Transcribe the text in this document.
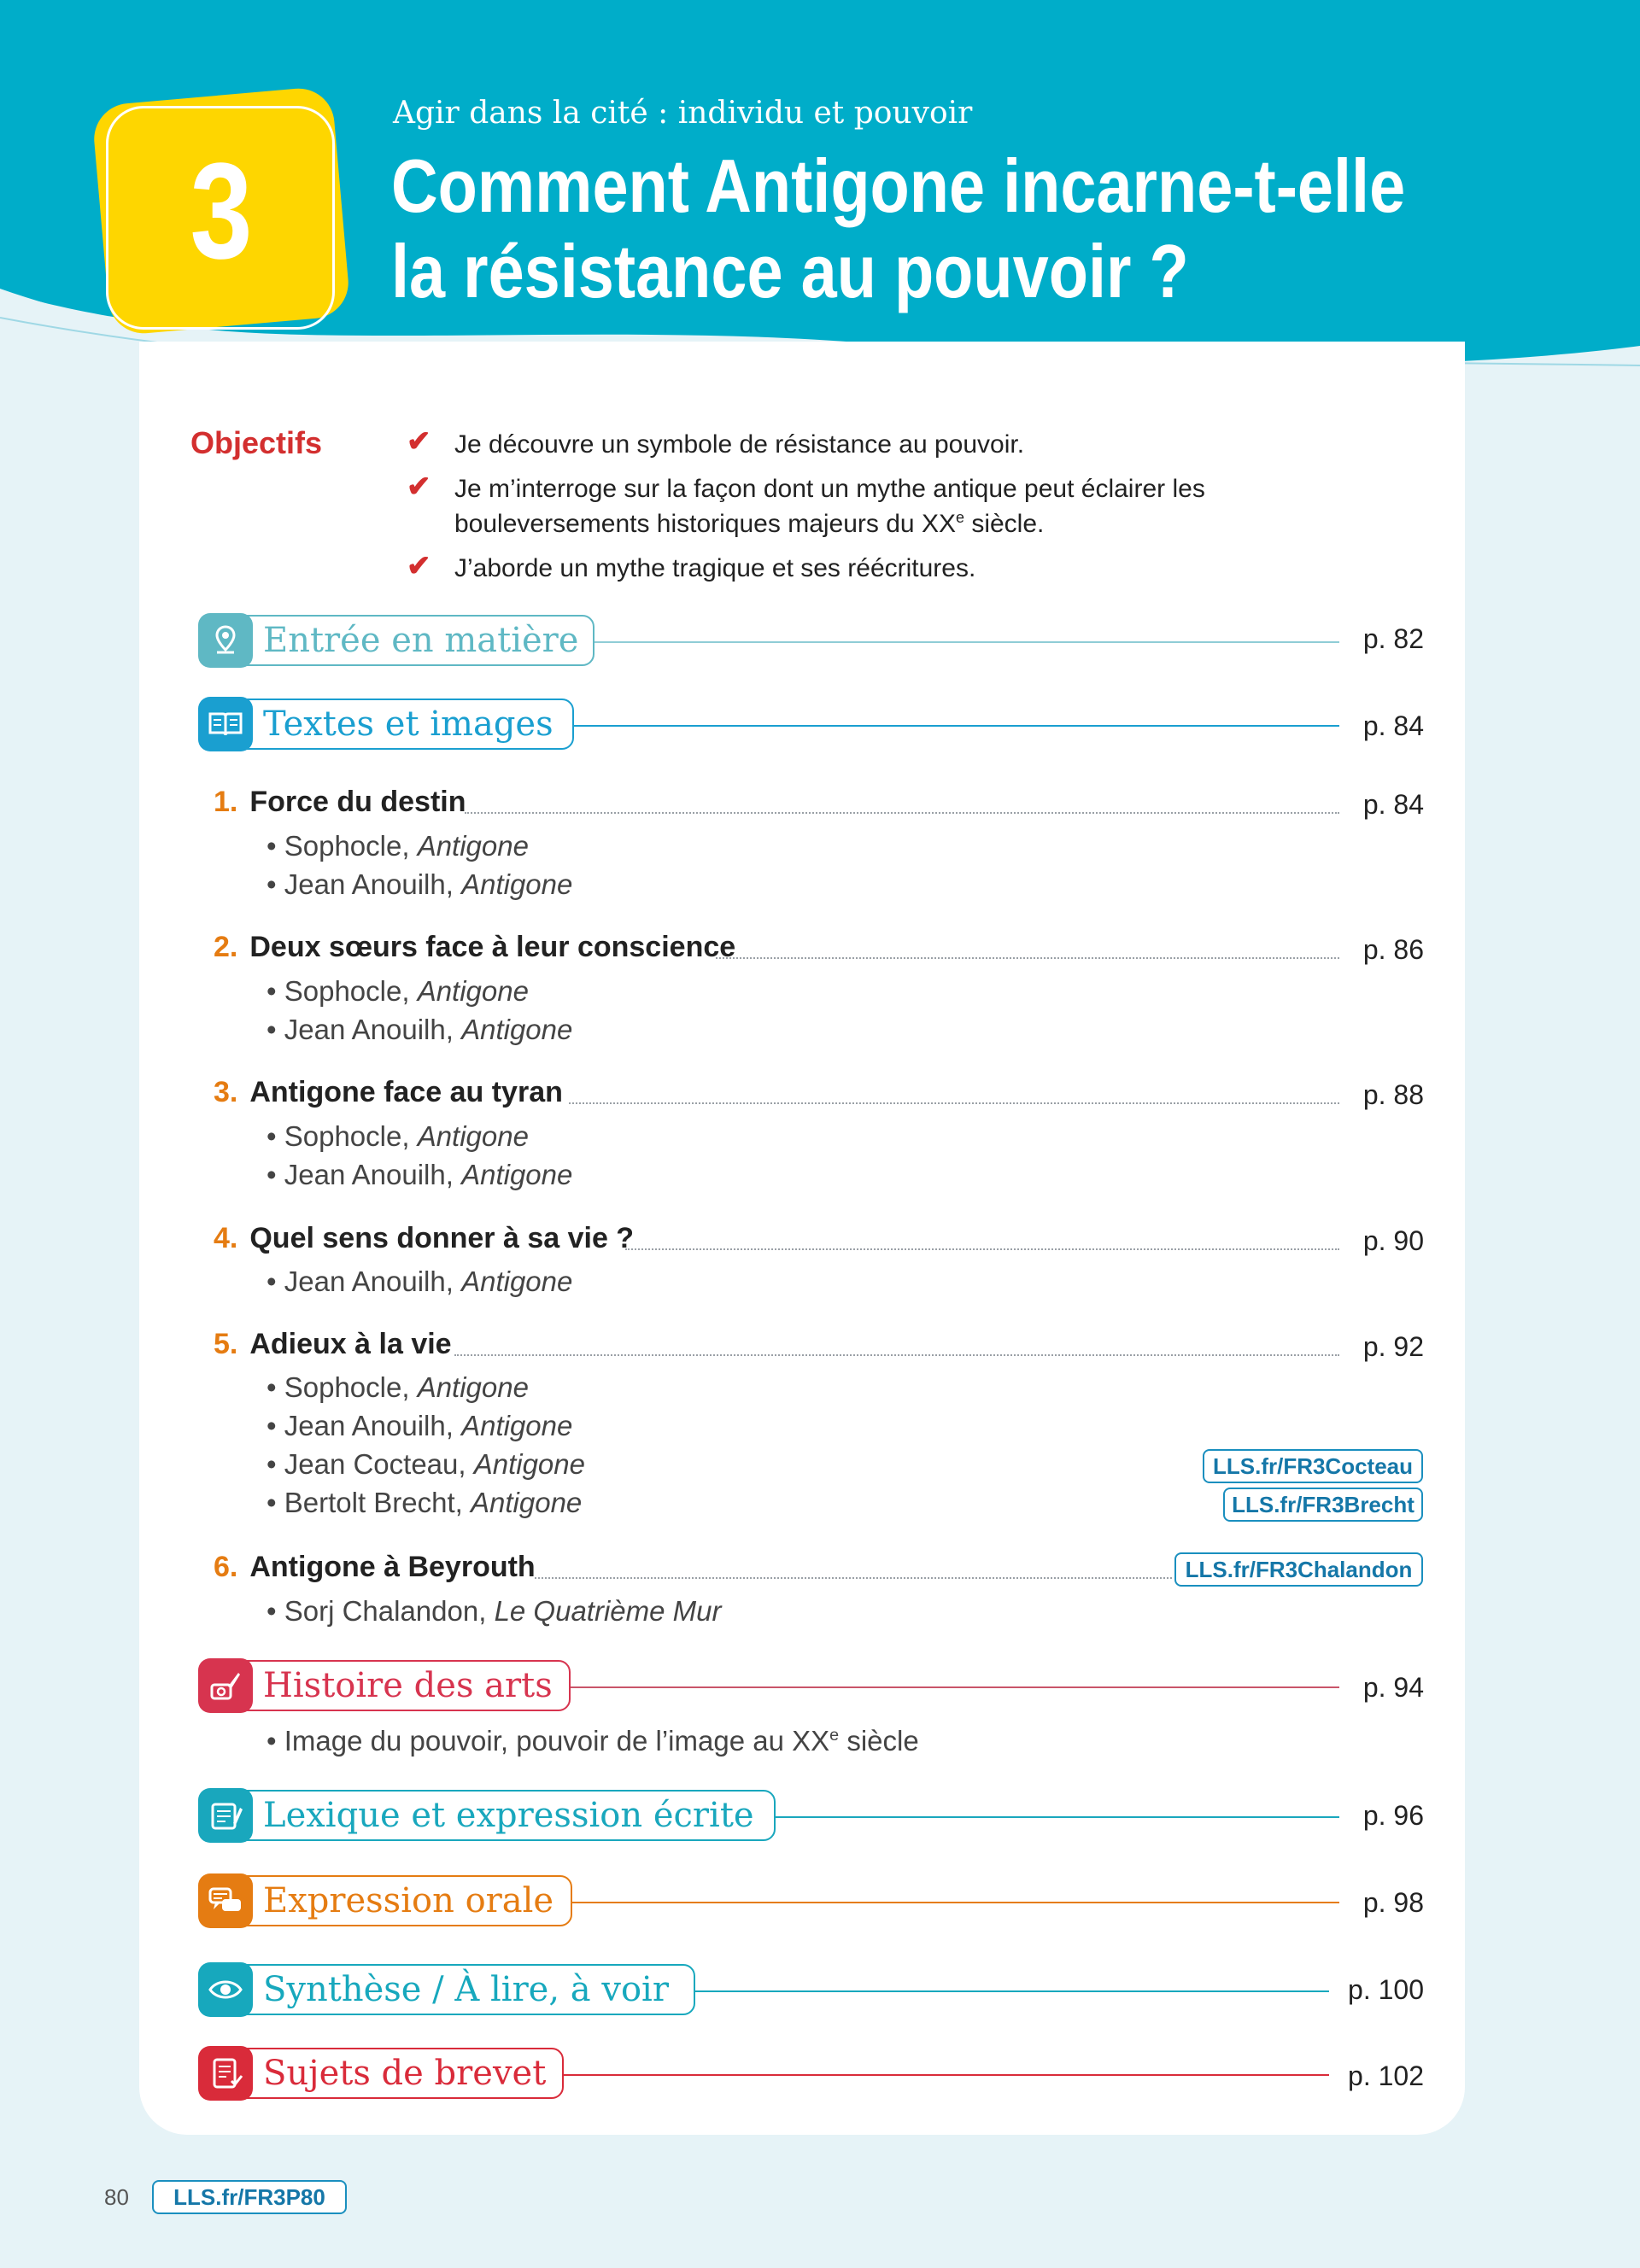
3
Agir dans la cité : individu et pouvoir
Comment Antigone incarne-t-elle
la résistance au pouvoir ?
Objectifs	✔ Je découvre un symbole de résistance au pouvoir.
✔ Je m’interroge sur la façon dont un mythe antique peut éclairer les
bouleversements historiques majeurs du XXe siècle.
✔ J’aborde un mythe tragique et ses réécritures.
Entrée en matière	p. 82
Textes et images	p. 84
1. Force du destin	p. 84
• Sophocle, Antigone
• Jean Anouilh, Antigone
2. Deux sœurs face à leur conscience	p. 86
• Sophocle, Antigone
• Jean Anouilh, Antigone
3. Antigone face au tyran	p. 88
• Sophocle, Antigone
• Jean Anouilh, Antigone
4. Quel sens donner à sa vie ?	p. 90
• Jean Anouilh, Antigone
5. Adieux à la vie	p. 92
• Sophocle, Antigone
• Jean Anouilh, Antigone
• Jean Cocteau, Antigone	LLS.fr/FR3Cocteau
• Bertolt Brecht, Antigone	LLS.fr/FR3Brecht
6. Antigone à Beyrouth	LLS.fr/FR3Chalandon
• Sorj Chalandon, Le Quatrième Mur
Histoire des arts	p. 94
• Image du pouvoir, pouvoir de l’image au XXe siècle
Lexique et expression écrite	p. 96
Expression orale	p. 98
Synthèse / À lire, à voir	p. 100
Sujets de brevet	p. 102
80	LLS.fr/FR3P80
